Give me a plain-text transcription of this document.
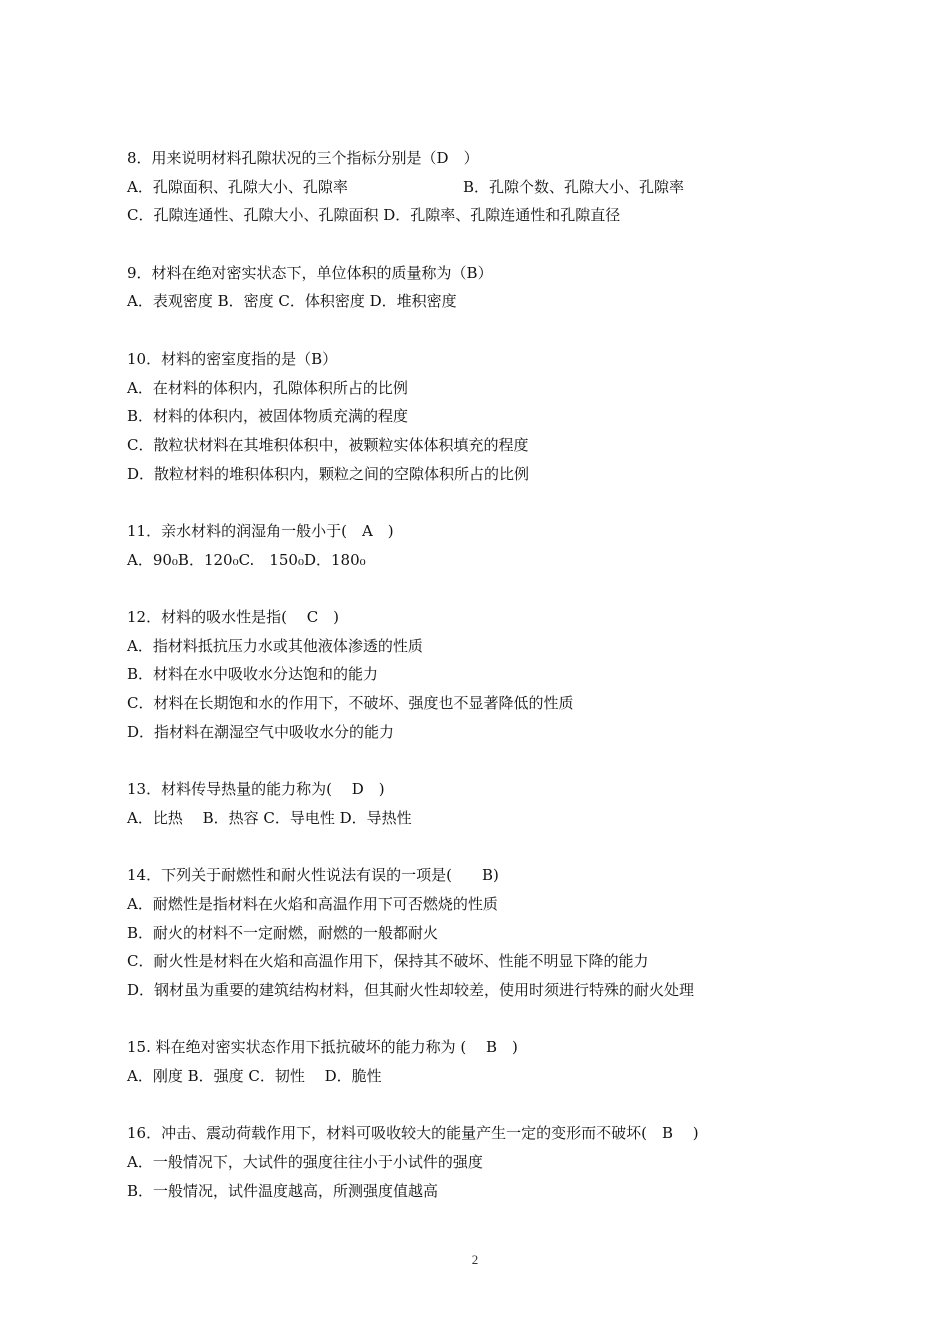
8．用来说明材料孔隙状况的三个指标分别是（D　）
A．孔隙面积、孔隙大小、孔隙率	B．孔隙个数、孔隙大小、孔隙率
C．孔隙连通性、孔隙大小、孔隙面积 D．孔隙率、孔隙连通性和孔隙直径
9．材料在绝对密实状态下，单位体积的质量称为（B）
A．表观密度 B．密度 C．体积密度 D．堆积密度
10．材料的密室度指的是（B）
A．在材料的体积内，孔隙体积所占的比例
B．材料的体积内，被固体物质充满的程度
C．散粒状材料在其堆积体积中，被颗粒实体体积填充的程度
D．散粒材料的堆积体积内，颗粒之间的空隙体积所占的比例
11．亲水材料的润湿角一般小于(　A　)
A．90₀B．120₀C.　150₀D．180₀
12．材料的吸水性是指(　 C　)
A．指材料抵抗压力水或其他液体渗透的性质
B．材料在水中吸收水分达饱和的能力
C．材料在长期饱和水的作用下，不破坏、强度也不显著降低的性质
D．指材料在潮湿空气中吸收水分的能力
13．材料传导热量的能力称为(　 D　)
A．比热　 B．热容 C．导电性 D．导热性
14．下列关于耐燃性和耐火性说法有误的一项是(　　B)
A．耐燃性是指材料在火焰和高温作用下可否燃烧的性质
B．耐火的材料不一定耐燃，耐燃的一般都耐火
C．耐火性是材料在火焰和高温作用下，保持其不破坏、性能不明显下降的能力
D．钢材虽为重要的建筑结构材料，但其耐火性却较差，使用时须进行特殊的耐火处理
15. 料在绝对密实状态作用下抵抗破坏的能力称为 (　 B　)
A．刚度 B．强度 C．韧性　 D．脆性
16．冲击、震动荷载作用下，材料可吸收较大的能量产生一定的变形而不破坏(　B　 )
A．一般情况下，大试件的强度往往小于小试件的强度
B．一般情况，试件温度越高，所测强度值越高
2
